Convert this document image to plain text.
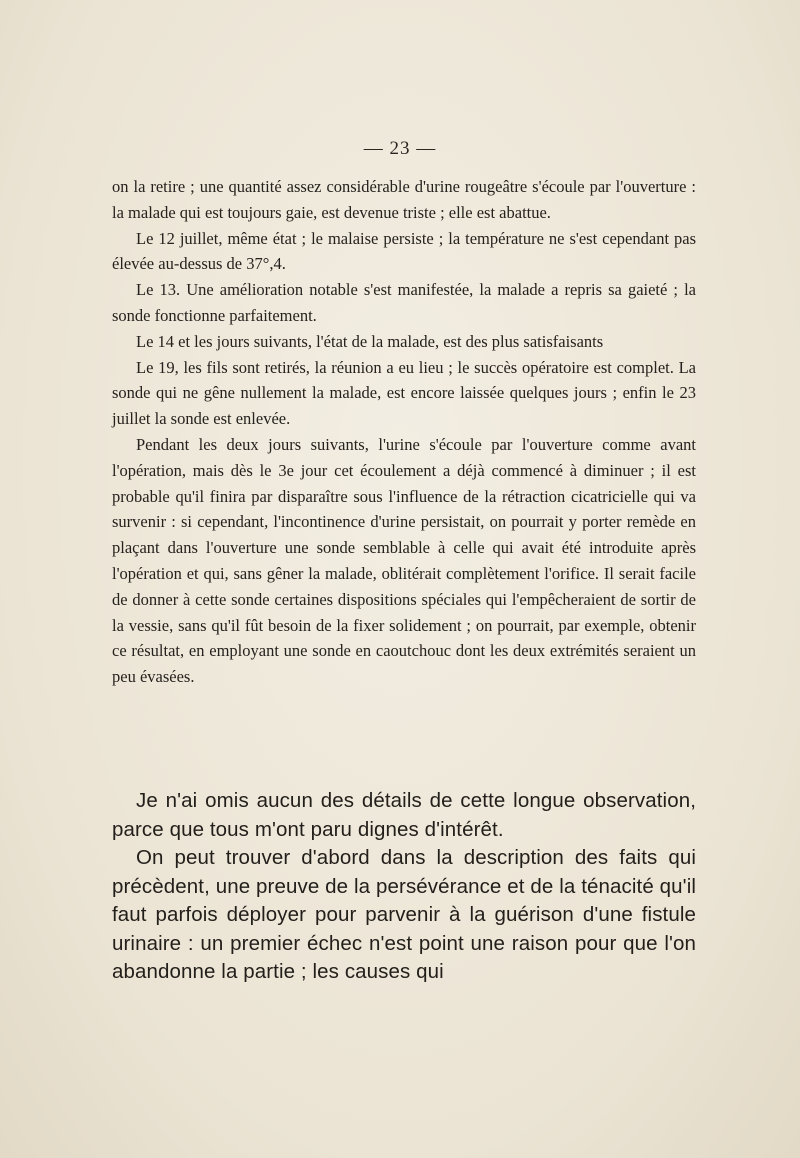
— 23 —

on la retire ; une quantité assez considérable d'urine rougeâtre s'écoule par l'ouverture : la malade qui est toujours gaie, est devenue triste ; elle est abattue.

Le 12 juillet, même état ; le malaise persiste ; la température ne s'est cependant pas élevée au-dessus de 37°,4.

Le 13. Une amélioration notable s'est manifestée, la malade a repris sa gaieté ; la sonde fonctionne parfaitement.

Le 14 et les jours suivants, l'état de la malade, est des plus satisfaisants

Le 19, les fils sont retirés, la réunion a eu lieu ; le succès opératoire est complet. La sonde qui ne gêne nullement la malade, est encore laissée quelques jours ; enfin le 23 juillet la sonde est enlevée.

Pendant les deux jours suivants, l'urine s'écoule par l'ouverture comme avant l'opération, mais dès le 3e jour cet écoulement a déjà commencé à diminuer ; il est probable qu'il finira par disparaître sous l'influence de la rétraction cicatricielle qui va survenir : si cependant, l'incontinence d'urine persistait, on pourrait y porter remède en plaçant dans l'ouverture une sonde semblable à celle qui avait été introduite après l'opération et qui, sans gêner la malade, oblitérait complètement l'orifice. Il serait facile de donner à cette sonde certaines dispositions spéciales qui l'empêcheraient de sortir de la vessie, sans qu'il fût besoin de la fixer solidement ; on pourrait, par exemple, obtenir ce résultat, en employant une sonde en caoutchouc dont les deux extrémités seraient un peu évasées.

Je n'ai omis aucun des détails de cette longue observation, parce que tous m'ont paru dignes d'intérêt.

On peut trouver d'abord dans la description des faits qui précèdent, une preuve de la persévérance et de la ténacité qu'il faut parfois déployer pour parvenir à la guérison d'une fistule urinaire : un premier échec n'est point une raison pour que l'on abandonne la partie ; les causes qui
